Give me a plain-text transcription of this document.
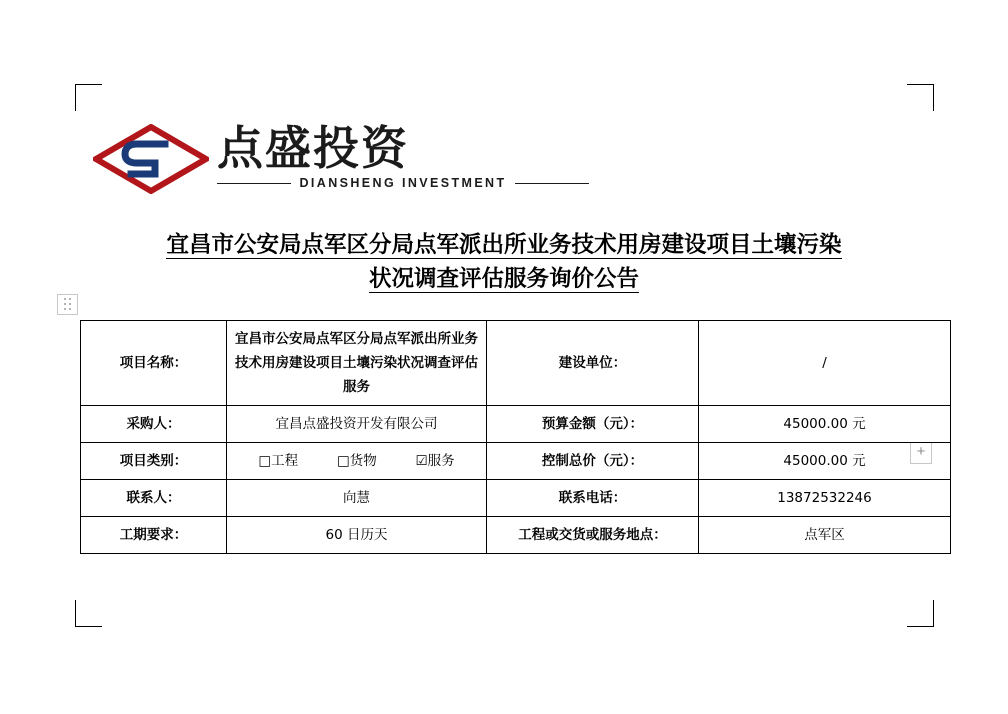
点盛投资
DIANSHENG INVESTMENT
宜昌市公安局点军区分局点军派出所业务技术用房建设项目土壤污染
状况调查评估服务询价公告
+
项目名称：	宜昌市公安局点军区分局点军派出所业务技术用房建设项目土壤污染状况调查评估服务	建设单位：	/
采购人：	宜昌点盛投资开发有限公司	预算金额（元）：	45000.00 元
项目类别：	□工程 □货物 ☑服务	控制总价（元）：	45000.00 元
联系人：	向慧	联系电话：	13872532246
工期要求：	60 日历天	工程或交货或服务地点：	点军区
